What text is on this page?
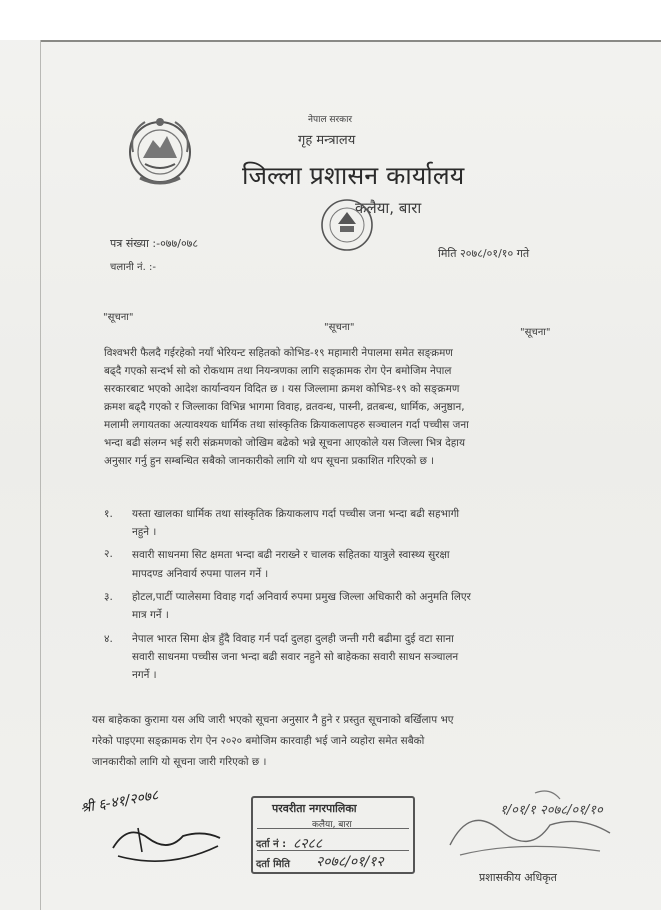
नेपाल सरकार
गृह मन्त्रालय
जिल्ला प्रशासन कार्यालय
कलैया, बारा
पत्र संख्या :-०७७/०७८
चलानी नं. :-
मिति २०७८/०१/१० गते
"सूचना"
"सूचना"	"सूचना"
विश्वभरी फैलदै गईरहेको नयाँ भेरियन्ट सहितको कोभिड-१९ महामारी नेपालमा समेत सङ्क्रमण
बढ्दै गएको सन्दर्भ सो को रोकथाम तथा नियन्त्रणका लागि सङ्क्रामक रोग ऐन बमोजिम नेपाल
सरकारबाट भएको आदेश कार्यान्वयन विदित छ । यस जिल्लामा क्रमश कोभिड-१९ को सङ्क्रमण
क्रमश बढ्दै गएको र जिल्लाका विभिन्न भागमा विवाह, व्रतवन्ध, पास्नी, व्रतबन्ध, धार्मिक, अनुष्ठान,
मलामी लगायतका अत्यावश्यक धार्मिक तथा सांस्कृतिक क्रियाकलापहरु सञ्चालन गर्दा पच्चीस जना
भन्दा बढी संलग्न भई सरी संक्रमणको जोखिम बढेको भन्ने सूचना आएकोले यस जिल्ला भित्र देहाय
अनुसार गर्नु हुन सम्बन्धित सबैको जानकारीको लागि यो थप सूचना प्रकाशित गरिएको छ ।
१. यस्ता खालका धार्मिक तथा सांस्कृतिक क्रियाकलाप गर्दा पच्चीस जना भन्दा बढी सहभागी
नहुने ।
२. सवारी साधनमा सिट क्षमता भन्दा बढी नराख्ने र चालक सहितका यात्रुले स्वास्थ्य सुरक्षा
मापदण्ड अनिवार्य रुपमा पालन गर्ने ।
३. होटल,पार्टी प्यालेसमा विवाह गर्दा अनिवार्य रुपमा प्रमुख जिल्ला अधिकारी को अनुमति लिएर
मात्र गर्ने ।
४. नेपाल भारत सिमा क्षेत्र हुँदै विवाह गर्न पर्दा दुलहा दुलही जन्ती गरी बढीमा दुई वटा साना
सवारी साधनमा पच्चीस जना भन्दा बढी सवार नहुने सो बाहेकका सवारी साधन सञ्चालन
नगर्ने ।
यस बाहेकका कुरामा यस अघि जारी भएको सूचना अनुसार नै हुने र प्रस्तुत सूचनाको बर्खिलाप भए
गरेको पाइएमा सङ्क्रामक रोग ऐन २०२० बमोजिम कारवाही भई जाने व्यहोरा समेत सबैको
जानकारीको लागि यो सूचना जारी गरिएको छ ।
श्री ६-४१/२०७८	परवरीता नगरपालिका
कलैया, बारा
दर्ता नं : ८२८८
दर्ता मिति २०७८/०१/१२
१/०१/१ २०७८/०१/१०
प्रशासकीय अधिकृत
